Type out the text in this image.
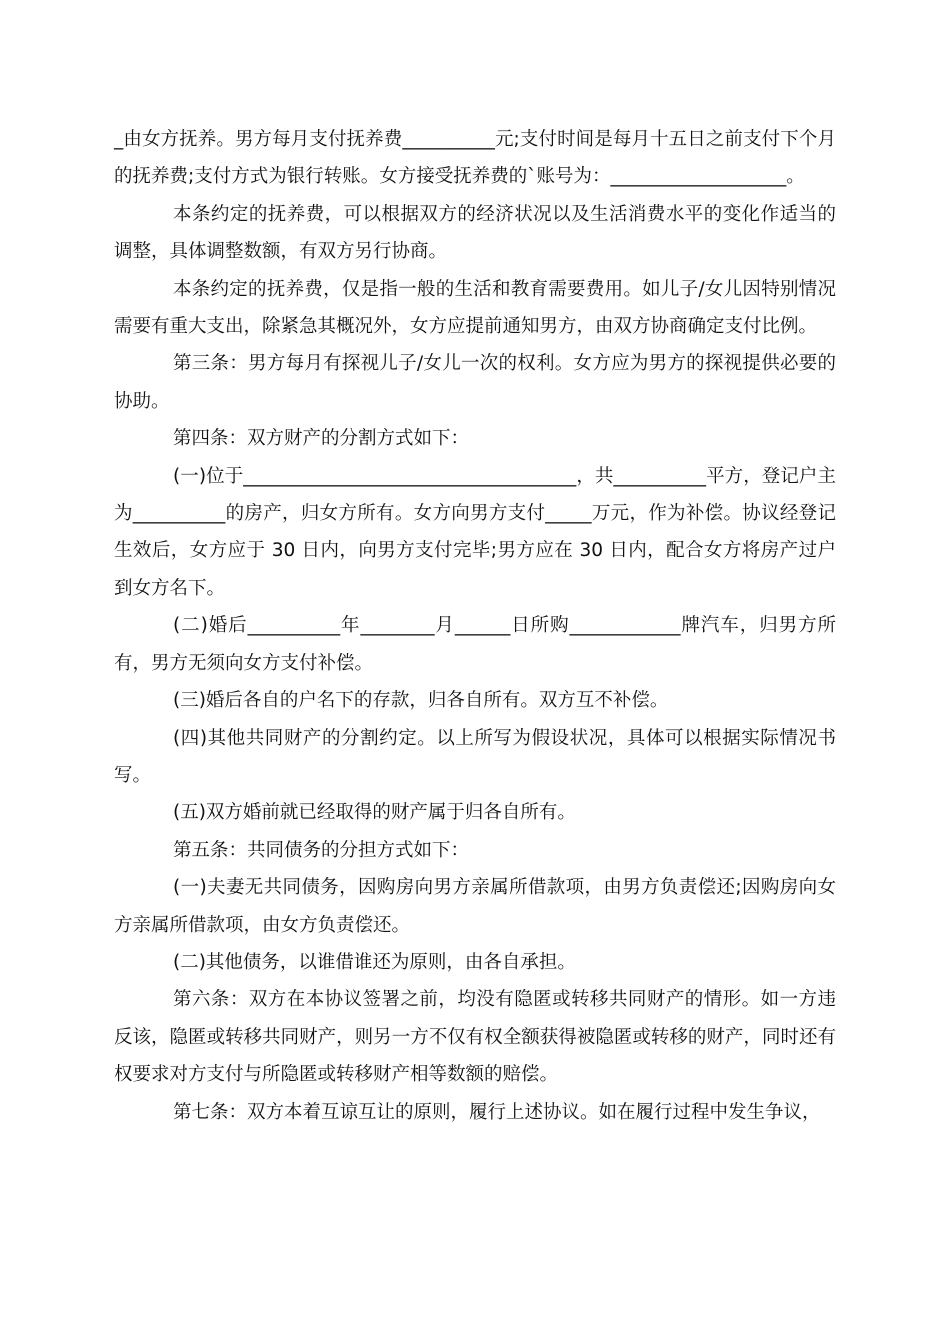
_由女方抚养。男方每月支付抚养费__________元;支付时间是每月十五日之前支付下个月的抚养费;支付方式为银行转账。女方接受抚养费的`账号为：___________________。

本条约定的抚养费，可以根据双方的经济状况以及生活消费水平的变化作适当的调整，具体调整数额，有双方另行协商。

本条约定的抚养费，仅是指一般的生活和教育需要费用。如儿子/女儿因特别情况需要有重大支出，除紧急其概况外，女方应提前通知男方，由双方协商确定支付比例。

第三条：男方每月有探视儿子/女儿一次的权利。女方应为男方的探视提供必要的协助。

第四条：双方财产的分割方式如下：

(一)位于____________________________________，共__________平方，登记户主为__________的房产，归女方所有。女方向男方支付_____万元，作为补偿。协议经登记生效后，女方应于 30 日内，向男方支付完毕;男方应在 30 日内，配合女方将房产过户到女方名下。

(二)婚后__________年________月______日所购____________牌汽车，归男方所有，男方无须向女方支付补偿。

(三)婚后各自的户名下的存款，归各自所有。双方互不补偿。

(四)其他共同财产的分割约定。以上所写为假设状况，具体可以根据实际情况书写。

(五)双方婚前就已经取得的财产属于归各自所有。

第五条：共同债务的分担方式如下：

(一)夫妻无共同债务，因购房向男方亲属所借款项，由男方负责偿还;因购房向女方亲属所借款项，由女方负责偿还。

(二)其他债务，以谁借谁还为原则，由各自承担。

第六条：双方在本协议签署之前，均没有隐匿或转移共同财产的情形。如一方违反该，隐匿或转移共同财产，则另一方不仅有权全额获得被隐匿或转移的财产，同时还有权要求对方支付与所隐匿或转移财产相等数额的赔偿。

第七条：双方本着互谅互让的原则，履行上述协议。如在履行过程中发生争议，
